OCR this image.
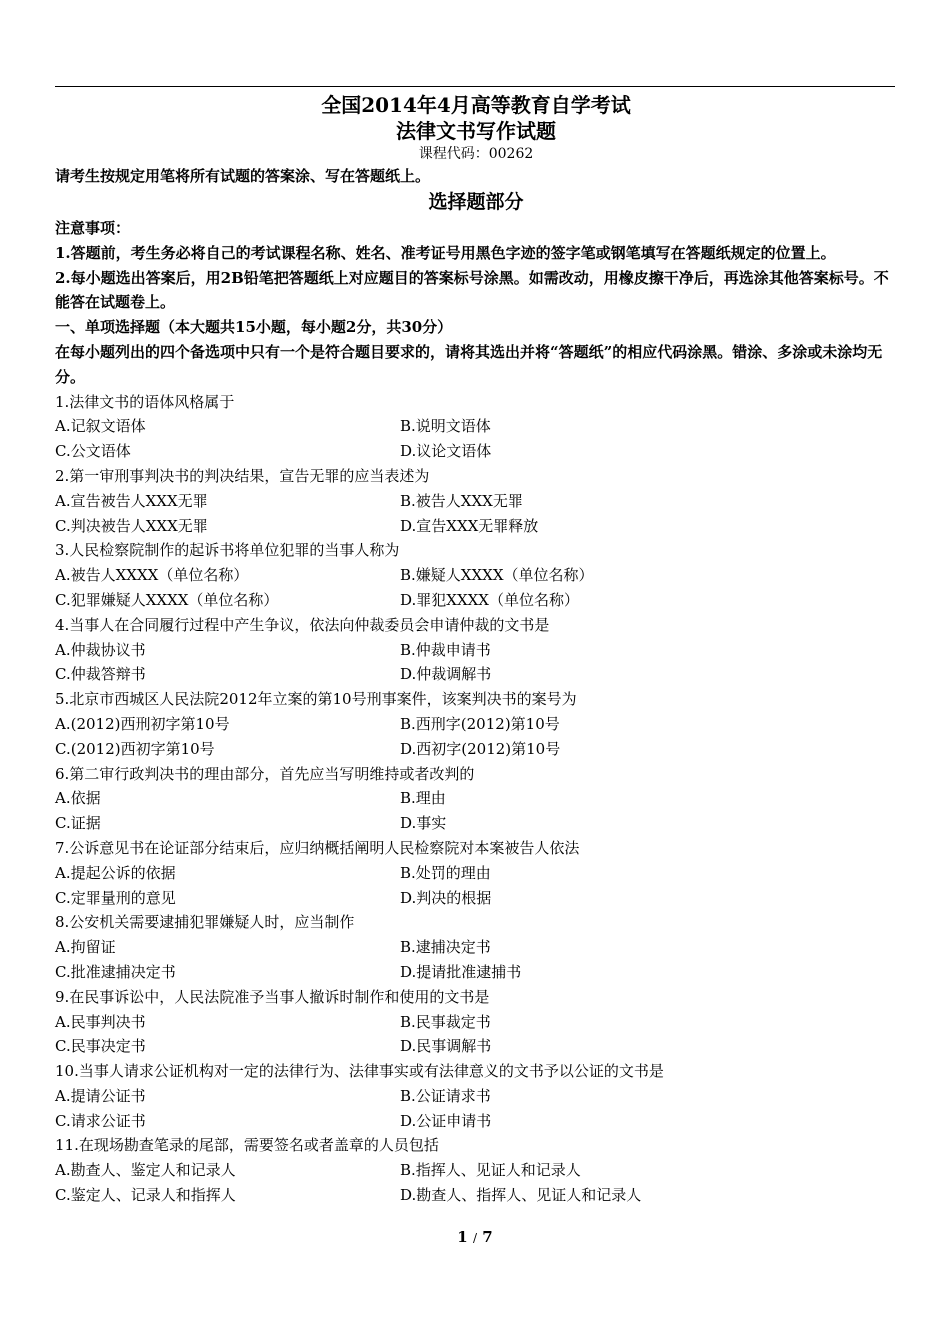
全国2014年4月高等教育自学考试
法律文书写作试题
课程代码：00262
请考生按规定用笔将所有试题的答案涂、写在答题纸上。
选择题部分
注意事项：
1.答题前，考生务必将自己的考试课程名称、姓名、准考证号用黑色字迹的签字笔或钢笔填写在答题纸规定的位置上。
2.每小题选出答案后，用2B铅笔把答题纸上对应题目的答案标号涂黑。如需改动，用橡皮擦干净后，再选涂其他答案标号。不能答在试题卷上。
一、单项选择题（本大题共15小题，每小题2分，共30分）
在每小题列出的四个备选项中只有一个是符合题目要求的，请将其选出并将“答题纸”的相应代码涂黑。错涂、多涂或未涂均无分。
1.法律文书的语体风格属于
A.记叙文语体	B.说明文语体
C.公文语体	D.议论文语体
2.第一审刑事判决书的判决结果，宣告无罪的应当表述为
A.宣告被告人XXX无罪	B.被告人XXX无罪
C.判决被告人XXX无罪	D.宣告XXX无罪释放
3.人民检察院制作的起诉书将单位犯罪的当事人称为
A.被告人XXXX（单位名称）	B.嫌疑人XXXX（单位名称）
C.犯罪嫌疑人XXXX（单位名称）	D.罪犯XXXX（单位名称）
4.当事人在合同履行过程中产生争议，依法向仲裁委员会申请仲裁的文书是
A.仲裁协议书	B.仲裁申请书
C.仲裁答辩书	D.仲裁调解书
5.北京市西城区人民法院2012年立案的第10号刑事案件，该案判决书的案号为
A.(2012)西刑初字第10号	B.西刑字(2012)第10号
C.(2012)西初字第10号	D.西初字(2012)第10号
6.第二审行政判决书的理由部分，首先应当写明维持或者改判的
A.依据	B.理由
C.证据	D.事实
7.公诉意见书在论证部分结束后，应归纳概括阐明人民检察院对本案被告人依法
A.提起公诉的依据	B.处罚的理由
C.定罪量刑的意见	D.判决的根据
8.公安机关需要逮捕犯罪嫌疑人时，应当制作
A.拘留证	B.逮捕决定书
C.批准逮捕决定书	D.提请批准逮捕书
9.在民事诉讼中，人民法院准予当事人撤诉时制作和使用的文书是
A.民事判决书	B.民事裁定书
C.民事决定书	D.民事调解书
10.当事人请求公证机构对一定的法律行为、法律事实或有法律意义的文书予以公证的文书是
A.提请公证书	B.公证请求书
C.请求公证书	D.公证申请书
11.在现场勘查笔录的尾部，需要签名或者盖章的人员包括
A.勘查人、鉴定人和记录人	B.指挥人、见证人和记录人
C.鉴定人、记录人和指挥人	D.勘查人、指挥人、见证人和记录人
1 / 7
